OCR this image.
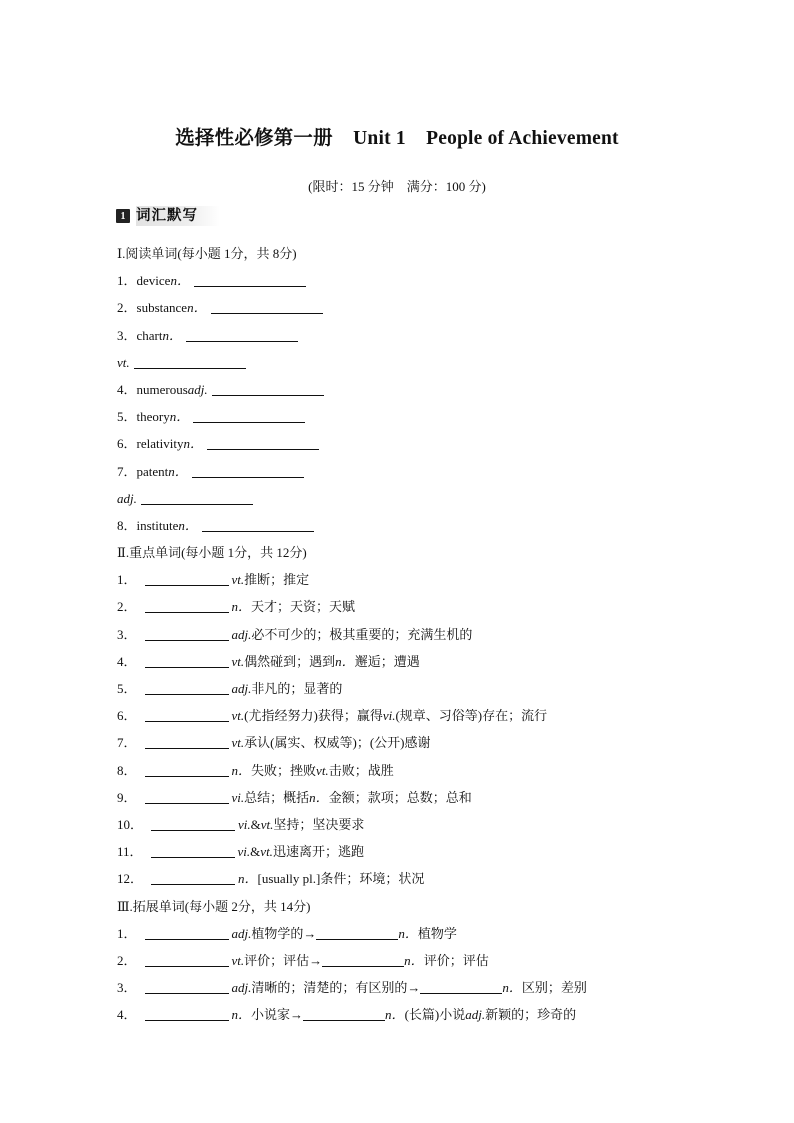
选择性必修第一册    Unit 1    People of Achievement
(限时：15 分钟　满分：100 分)
1 词汇默写
Ⅰ.阅读单词(每小题 1分，共 8分)
1． device n．
2． substance n．
3． chart n．
vt.
4． numerous adj.
5． theory n．
6． relativity n．
7． patent n．
adj.
8． institute n．
Ⅱ.重点单词(每小题 1分，共 12分)
1．	vt. 推断；推定
2．	n． 天才；天资；天赋
3．	adj. 必不可少的；极其重要的；充满生机的
4．	vt. 偶然碰到；遇到 n． 邂逅；遭遇
5．	adj. 非凡的；显著的
6．	vt. (尤指经努力)获得；赢得 vi. (规章、习俗等)存在；流行
7．	vt. 承认(属实、权威等)；(公开)感谢
8．	n． 失败；挫败 vt. 击败；战胜
9．	vi. 总结；概括 n． 金额；款项；总数；总和
10．	vi. & vt. 坚持；坚决要求
11．	vi. & vt. 迅速离开；逃跑
12．	n． [usually pl.]条件；环境；状况
Ⅲ.拓展单词(每小题 2分，共 14分)
1．	adj. 植物学的→	n． 植物学
2．	vt. 评价；评估→	n． 评价；评估
3．	adj. 清晰的；清楚的；有区别的→	n． 区别；差别
4．	n． 小说家→	n． (长篇)小说 adj. 新颖的；珍奇的
